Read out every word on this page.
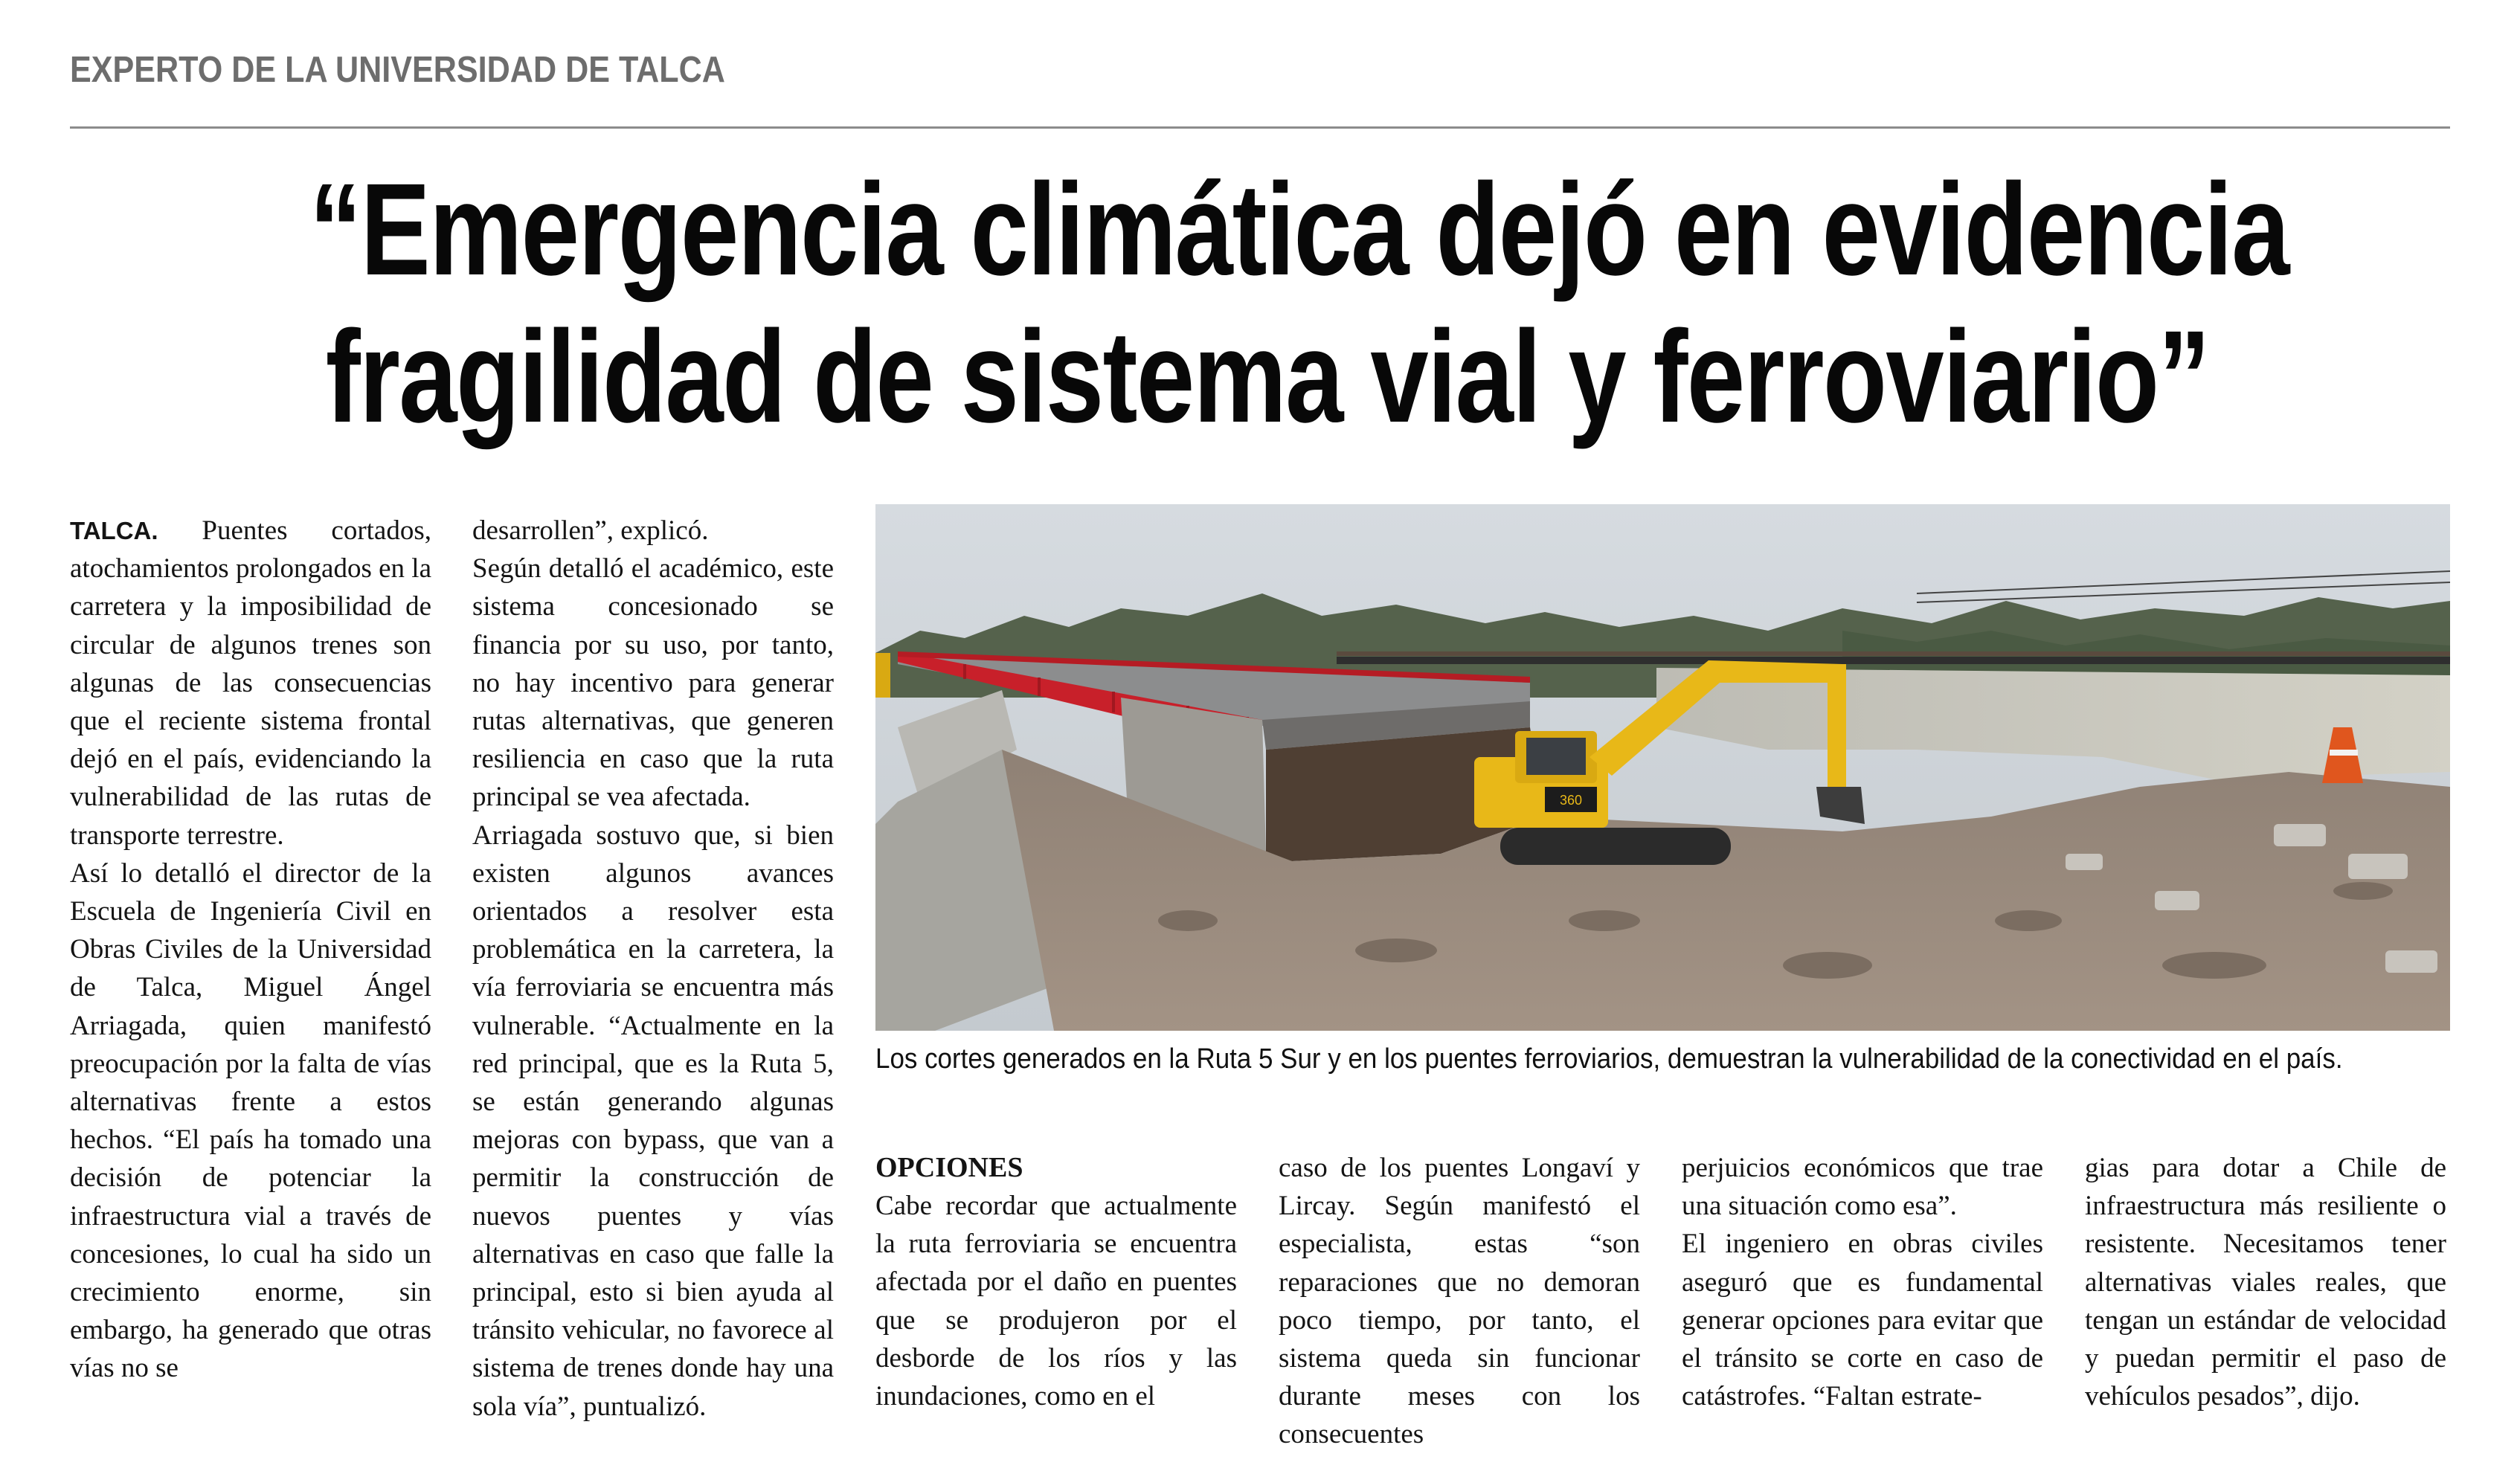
EXPERTO DE LA UNIVERSIDAD DE TALCA
“Emergencia climática dejó en evidencia
fragilidad de sistema vial y ferroviario”

TALCA. Puentes cortados, atochamientos prolongados en la carretera y la imposibilidad de circular de algunos trenes son algunas de las consecuencias que el reciente sistema frontal dejó en el país, evidenciando la vulnerabilidad de las rutas de transporte terrestre.

Así lo detalló el director de la Escuela de Ingeniería Civil en Obras Civiles de la Universidad de Talca, Miguel Ángel Arriagada, quien manifestó preocupación por la falta de vías alternativas frente a estos hechos. “El país ha tomado una decisión de potenciar la infraestructura vial a través de concesiones, lo cual ha sido un crecimiento enorme, sin embargo, ha generado que otras vías no se

desarrollen”, explicó.

Según detalló el académico, este sistema concesionado se financia por su uso, por tanto, no hay incentivo para generar rutas alternativas, que generen resiliencia en caso que la ruta principal se vea afectada.

Arriagada sostuvo que, si bien existen algunos avances orientados a resolver esta problemática en la carretera, la vía ferroviaria se encuentra más vulnerable. “Actualmente en la red principal, que es la Ruta 5, se están generando algunas mejoras con bypass, que van a permitir la construcción de nuevos puentes y vías alternativas en caso que falle la principal, esto si bien ayuda al tránsito vehicular, no favorece al sistema de trenes donde hay una sola vía”, puntualizó.

360
Los cortes generados en la Ruta 5 Sur y en los puentes ferroviarios, demuestran la vulnerabilidad de la conectividad en el país.
OPCIONES

Cabe recordar que actualmente la ruta ferroviaria se encuentra afectada por el daño en puentes que se produjeron por el desborde de los ríos y las inundaciones, como en el

caso de los puentes Longaví y Lircay. Según manifestó el especialista, estas “son reparaciones que no demoran poco tiempo, por tanto, el sistema queda sin funcionar durante meses con los consecuentes

perjuicios económicos que trae una situación como esa”.

El ingeniero en obras civiles aseguró que es fundamental generar opciones para evitar que el tránsito se corte en caso de catástrofes. “Faltan estrate-

gias para dotar a Chile de infraestructura más resiliente o resistente. Necesitamos tener alternativas viales reales, que tengan un estándar de velocidad y puedan permitir el paso de vehículos pesados”, dijo.
